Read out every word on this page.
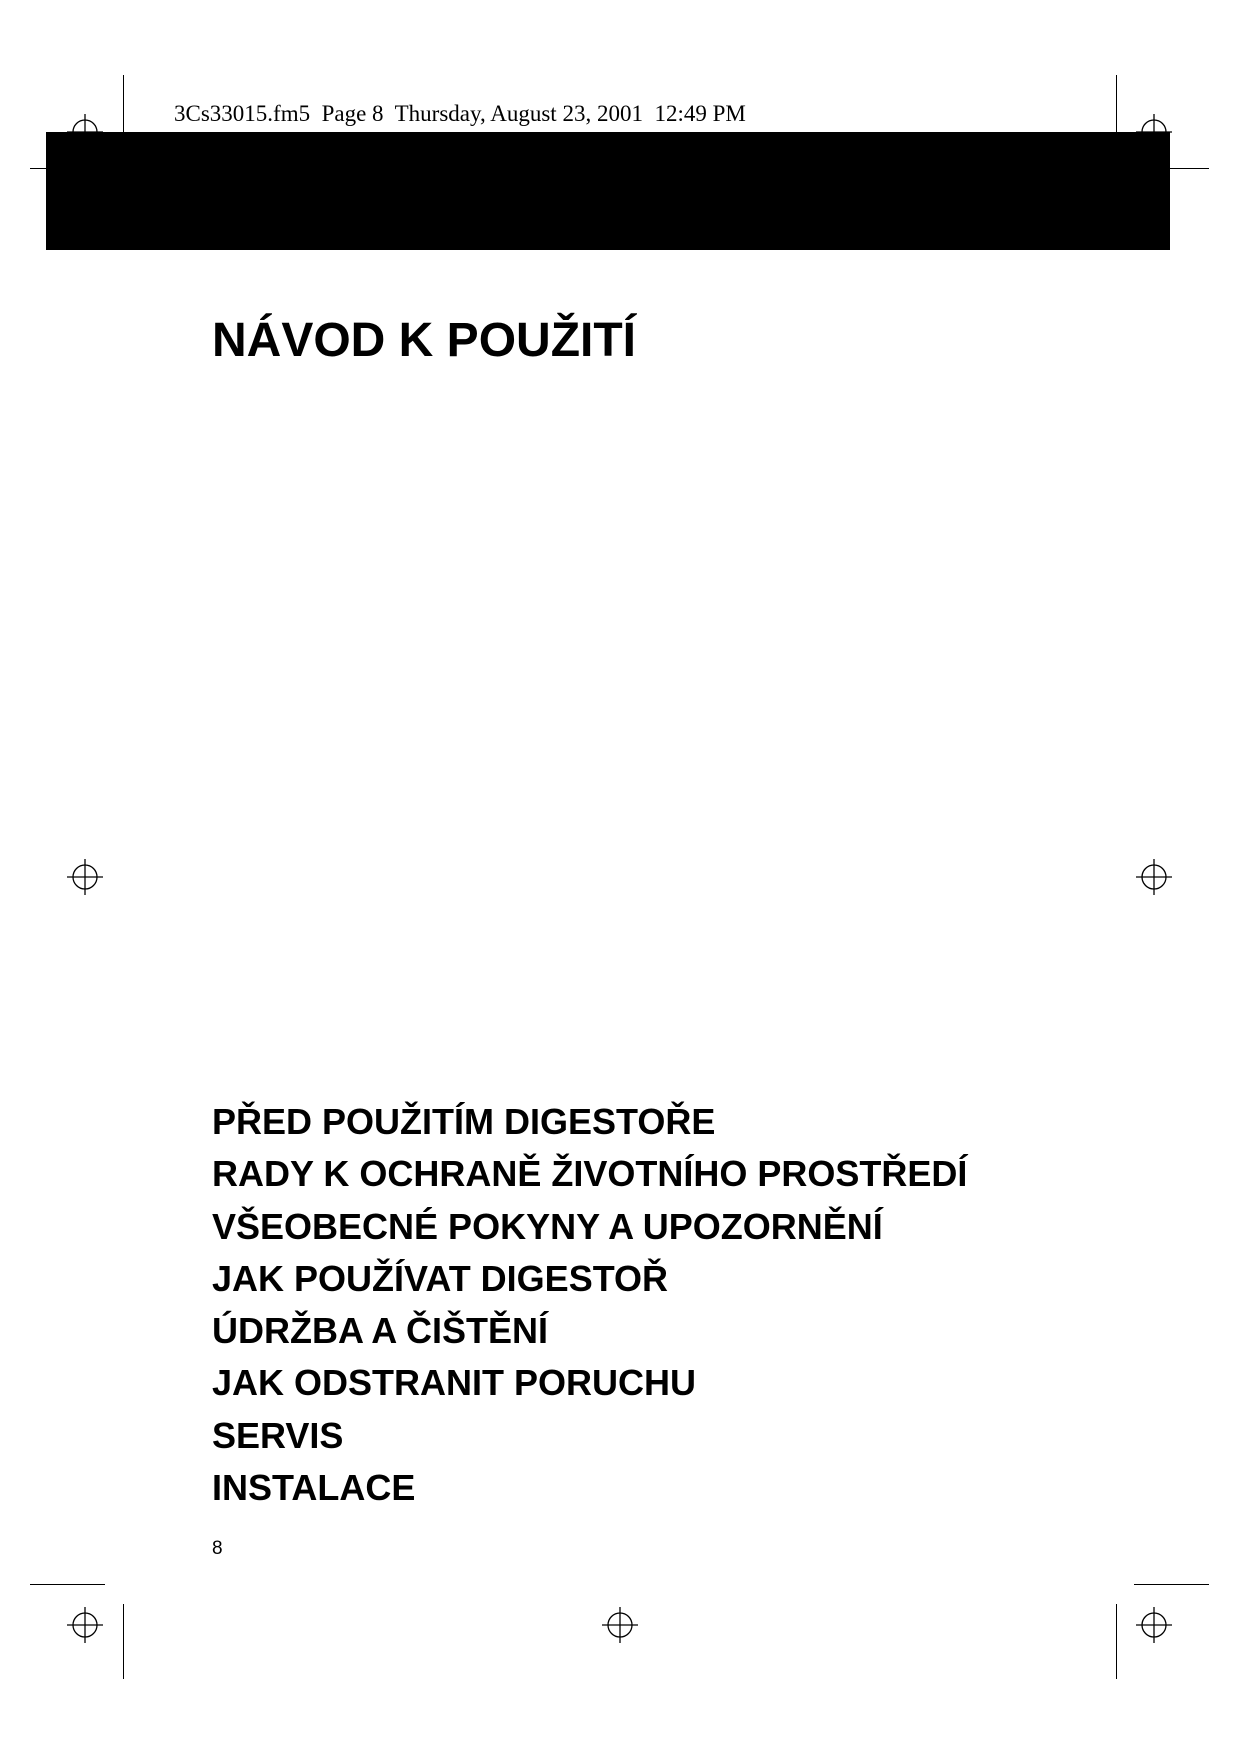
3Cs33015.fm5  Page 8  Thursday, August 23, 2001  12:49 PM
NÁVOD K POUŽITÍ
PŘED POUŽITÍM DIGESTOŘE
RADY K OCHRANĚ ŽIVOTNÍHO PROSTŘEDÍ
VŠEOBECNÉ POKYNY A UPOZORNĚNÍ
JAK POUŽÍVAT DIGESTOŘ
ÚDRŽBA A ČIŠTĚNÍ
JAK ODSTRANIT PORUCHU
SERVIS
INSTALACE
8
